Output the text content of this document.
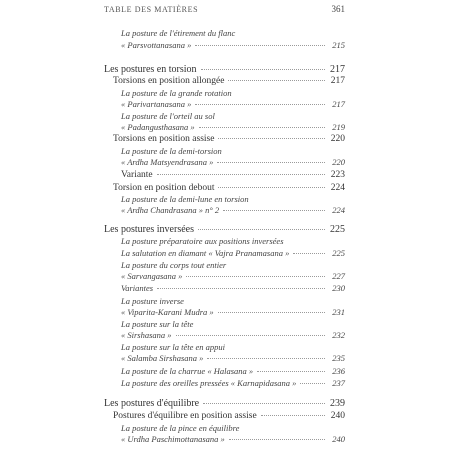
TABLE DES MATIÈRES	361
La posture de l'étirement du flanc
« Parsvottanasana »	215
Les postures en torsion	217
Torsions en position allongée	217
La posture de la grande rotation
« Parivartanasana »	217
La posture de l'orteil au sol
« Padangusthasana »	219
Torsions en position assise	220
La posture de la demi-torsion
« Ardha Matsyendrasana »	220
Variante	223
Torsion en position debout	224
La posture de la demi-lune en torsion
« Ardha Chandrasana » n° 2	224
Les postures inversées	225
La posture préparatoire aux positions inversées
La salutation en diamant « Vajra Pranamasana »	225
La posture du corps tout entier
« Sarvangasana »	227
Variantes	230
La posture inverse
« Viparita-Karani Mudra »	231
La posture sur la tête
« Sirshasana »	232
La posture sur la tête en appui
« Salamba Sirshasana »	235
La posture de la charrue « Halasana »	236
La posture des oreilles pressées « Karnapidasana »	237
Les postures d'équilibre	239
Postures d'équilibre en position assise	240
La posture de la pince en équilibre
« Urdha Paschimottanasana »	240
